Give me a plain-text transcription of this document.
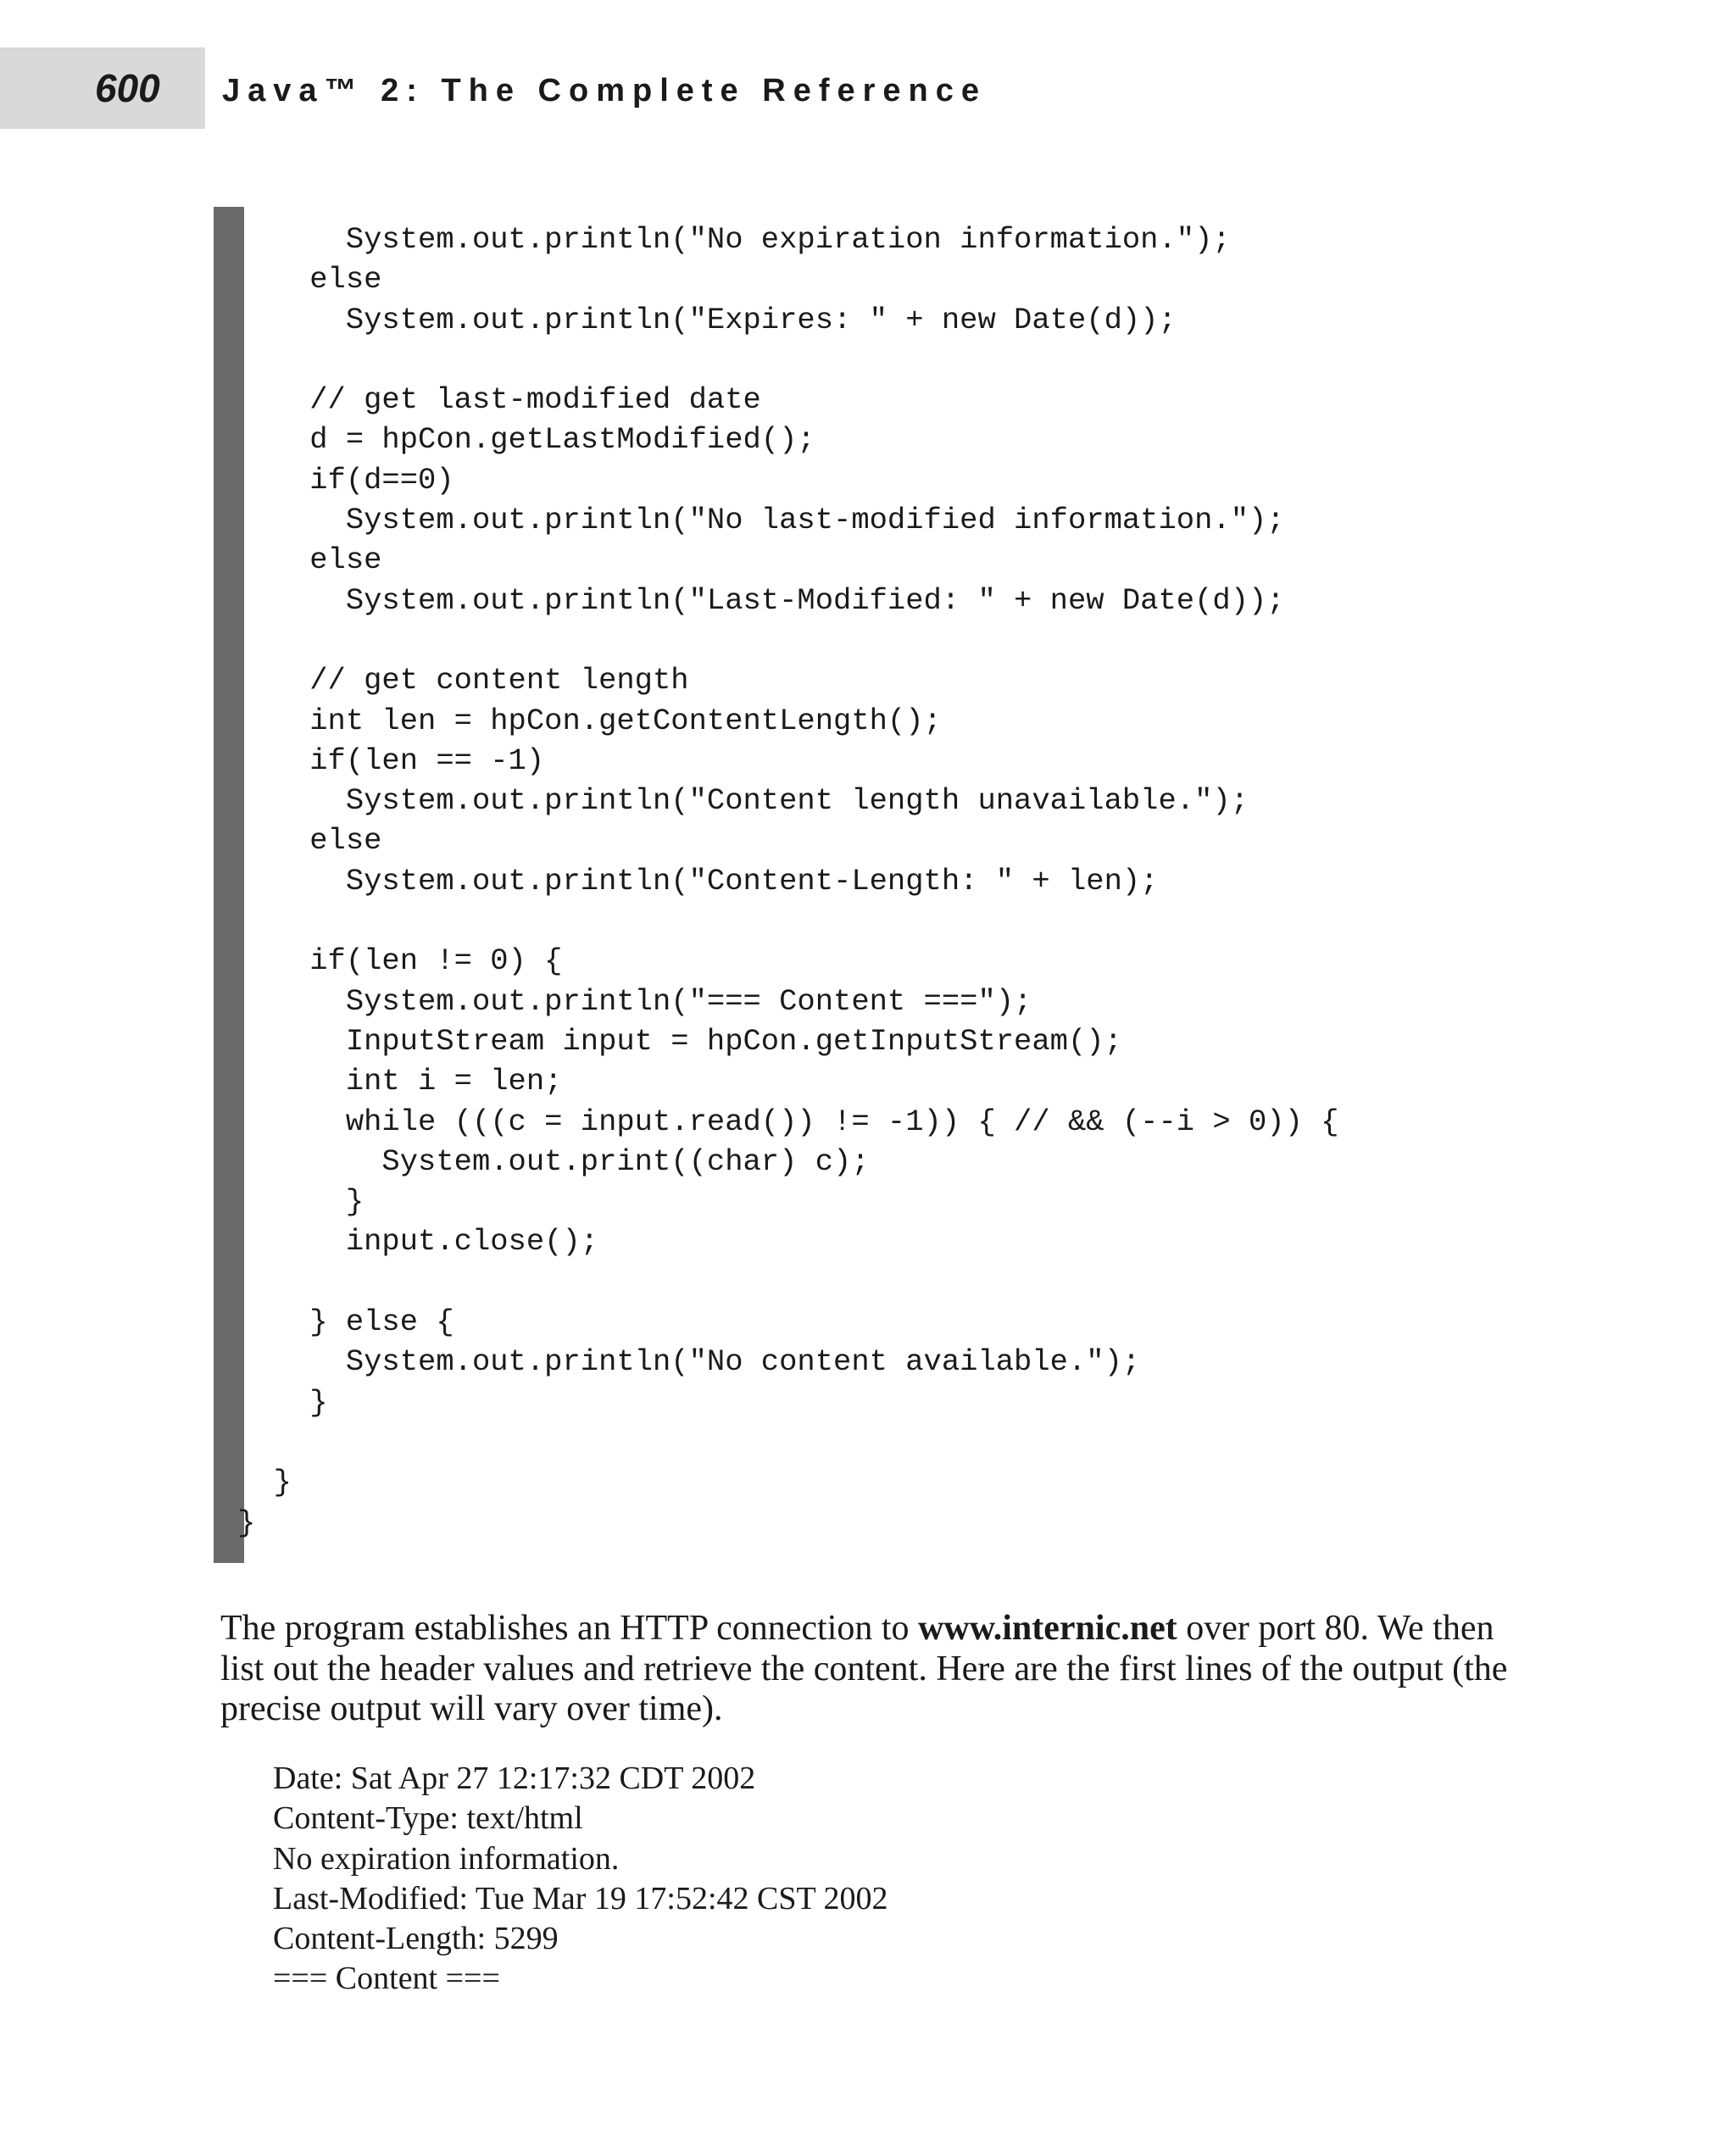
600 Java™ 2: The Complete Reference
System.out.println("No expiration information.");
else
System.out.println("Expires: " + new Date(d));
// get last-modified date
d = hpCon.getLastModified();
if(d==0)
System.out.println("No last-modified information.");
else
System.out.println("Last-Modified: " + new Date(d));
// get content length
int len = hpCon.getContentLength();
if(len == -1)
System.out.println("Content length unavailable.");
else
System.out.println("Content-Length: " + len);
if(len != 0) {
System.out.println("=== Content ===");
InputStream input = hpCon.getInputStream();
int i = len;
while (((c = input.read()) != -1)) { // && (--i > 0)) {
System.out.print((char) c);
}
input.close();
} else {
System.out.println("No content available.");
}
}
}
The program establishes an HTTP connection to www.internic.net over port 80. We then list out the header values and retrieve the content. Here are the first lines of the output (the precise output will vary over time).
Date: Sat Apr 27 12:17:32 CDT 2002
Content-Type: text/html
No expiration information.
Last-Modified: Tue Mar 19 17:52:42 CST 2002
Content-Length: 5299
=== Content ===
